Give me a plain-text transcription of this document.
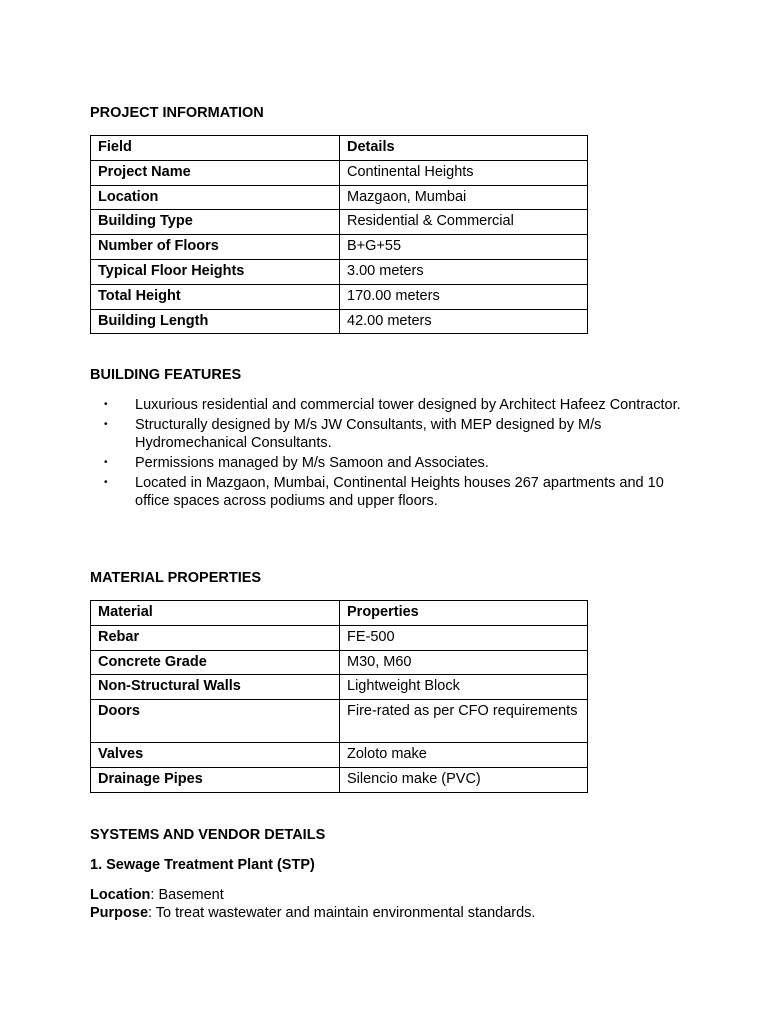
PROJECT INFORMATION
Field	Details
Project Name	Continental Heights
Location	Mazgaon, Mumbai
Building Type	Residential & Commercial
Number of Floors	B+G+55
Typical Floor Heights	3.00 meters
Total Height	170.00 meters
Building Length	42.00 meters
BUILDING FEATURES
• Luxurious residential and commercial tower designed by Architect Hafeez Contractor.
• Structurally designed by M/s JW Consultants, with MEP designed by M/s Hydromechanical Consultants.
• Permissions managed by M/s Samoon and Associates.
• Located in Mazgaon, Mumbai, Continental Heights houses 267 apartments and 10 office spaces across podiums and upper floors.
MATERIAL PROPERTIES
Material	Properties
Rebar	FE-500
Concrete Grade	M30, M60
Non-Structural Walls	Lightweight Block
Doors	Fire-rated as per CFO requirements
Valves	Zoloto make
Drainage Pipes	Silencio make (PVC)
SYSTEMS AND VENDOR DETAILS
1. Sewage Treatment Plant (STP)
Location: Basement
Purpose: To treat wastewater and maintain environmental standards.
